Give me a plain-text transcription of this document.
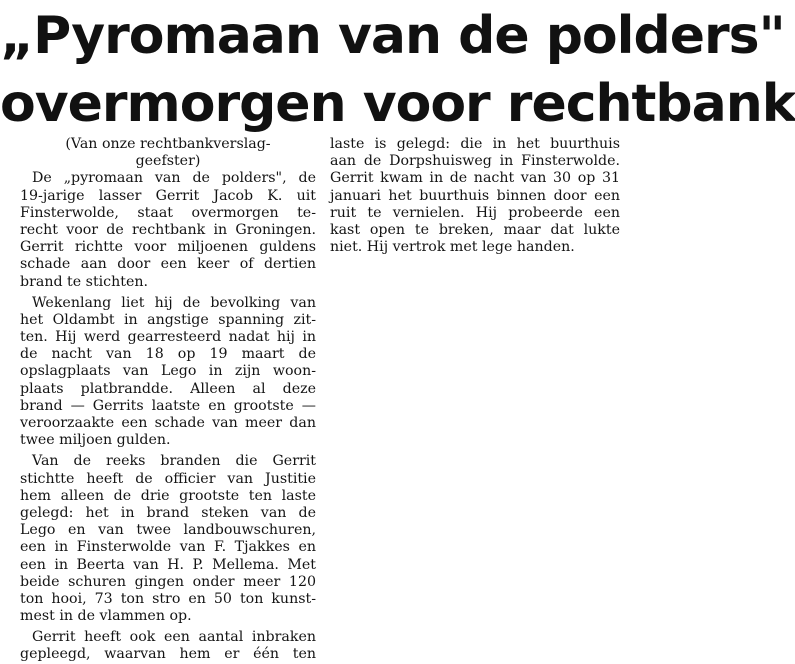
„Pyromaan van de polders"
overmorgen voor rechtbank
(Van onze rechtbankverslag-
geefster)
De „pyromaan van de polders", de
19-jarige lasser Gerrit Jacob K. uit
Finsterwolde, staat overmorgen te-
recht voor de rechtbank in Groningen.
Gerrit richtte voor miljoenen guldens
schade aan door een keer of dertien
brand te stichten.
Wekenlang liet hij de bevolking van
het Oldambt in angstige spanning zit-
ten. Hij werd gearresteerd nadat hij in
de nacht van 18 op 19 maart de
opslagplaats van Lego in zijn woon-
plaats platbrandde. Alleen al deze
brand — Gerrits laatste en grootste —
veroorzaakte een schade van meer dan
twee miljoen gulden.
Van de reeks branden die Gerrit
stichtte heeft de officier van Justitie
hem alleen de drie grootste ten laste
gelegd: het in brand steken van de
Lego en van twee landbouwschuren,
een in Finsterwolde van F. Tjakkes en
een in Beerta van H. P. Mellema. Met
beide schuren gingen onder meer 120
ton hooi, 73 ton stro en 50 ton kunst-
mest in de vlammen op.
Gerrit heeft ook een aantal inbraken
gepleegd, waarvan hem er één ten
laste is gelegd: die in het buurthuis
aan de Dorpshuisweg in Finsterwolde.
Gerrit kwam in de nacht van 30 op 31
januari het buurthuis binnen door een
ruit te vernielen. Hij probeerde een
kast open te breken, maar dat lukte
niet. Hij vertrok met lege handen.
